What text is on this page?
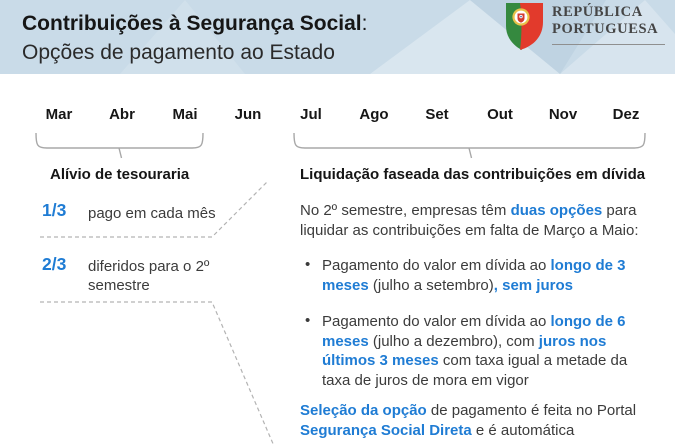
Contribuições à Segurança Social:
Opções de pagamento ao Estado
REPÚBLICA
PORTUGUESA
Mar	Abr	Mai	Jun	Jul	Ago	Set	Out	Nov	Dez
Alívio de tesouraria
1/3 pago em cada mês
2/3 diferidos para o 2º semestre
Liquidação faseada das contribuições em dívida
No 2º semestre, empresas têm duas opções para liquidar as contribuições em falta de Março a Maio:
• Pagamento do valor em dívida ao longo de 3 meses (julho a setembro), sem juros
• Pagamento do valor em dívida ao longo de 6 meses (julho a dezembro), com juros nos últimos 3 meses com taxa igual a metade da taxa de juros de mora em vigor
Seleção da opção de pagamento é feita no Portal Segurança Social Direta e é automática
